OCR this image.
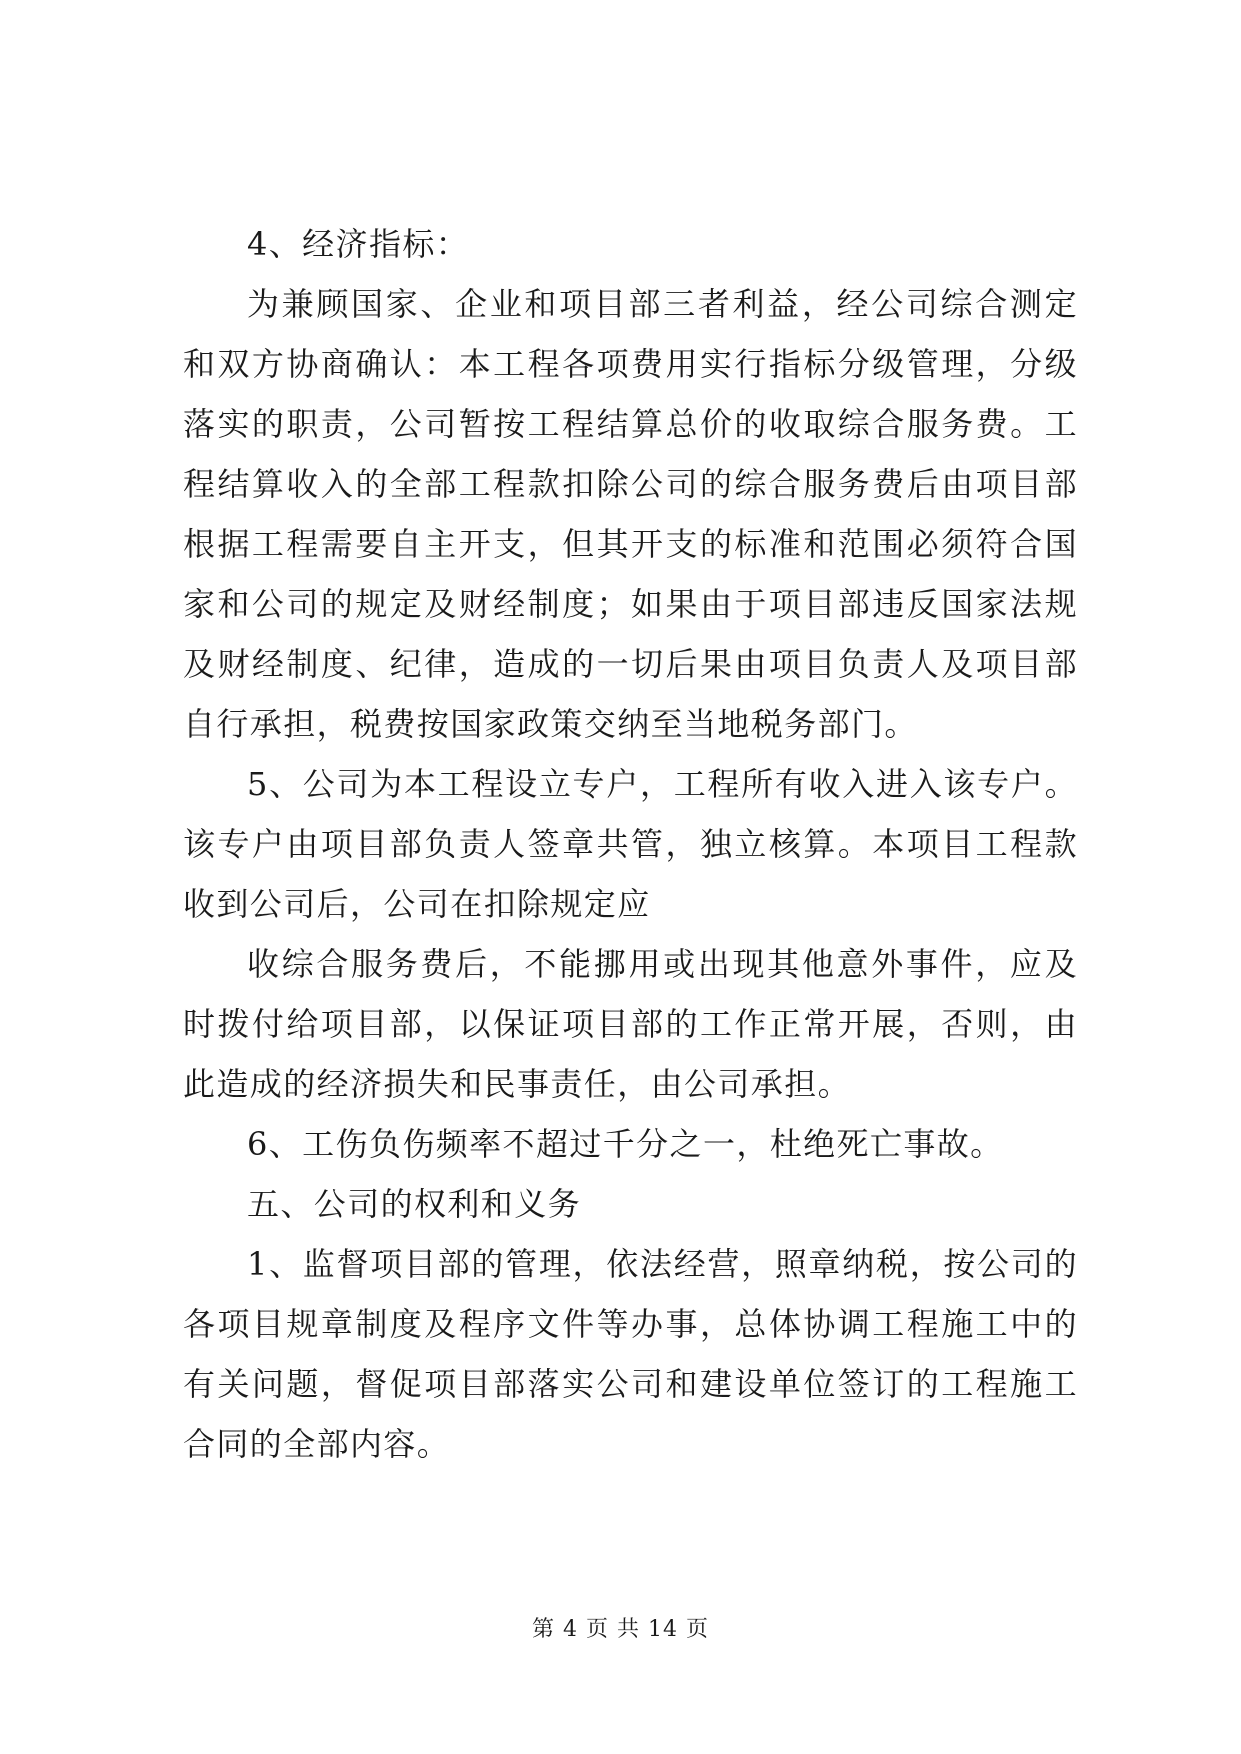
4、经济指标：

为兼顾国家、企业和项目部三者利益，经公司综合测定和双方协商确认：本工程各项费用实行指标分级管理，分级落实的职责，公司暂按工程结算总价的收取综合服务费。工程结算收入的全部工程款扣除公司的综合服务费后由项目部根据工程需要自主开支，但其开支的标准和范围必须符合国家和公司的规定及财经制度；如果由于项目部违反国家法规及财经制度、纪律，造成的一切后果由项目负责人及项目部自行承担，税费按国家政策交纳至当地税务部门。

5、公司为本工程设立专户，工程所有收入进入该专户。该专户由项目部负责人签章共管，独立核算。本项目工程款收到公司后，公司在扣除规定应

收综合服务费后，不能挪用或出现其他意外事件，应及时拨付给项目部，以保证项目部的工作正常开展，否则，由此造成的经济损失和民事责任，由公司承担。

6、工伤负伤频率不超过千分之一，杜绝死亡事故。

五、公司的权利和义务

1、监督项目部的管理，依法经营，照章纳税，按公司的各项目规章制度及程序文件等办事，总体协调工程施工中的有关问题，督促项目部落实公司和建设单位签订的工程施工合同的全部内容。

第 4 页 共 14 页
